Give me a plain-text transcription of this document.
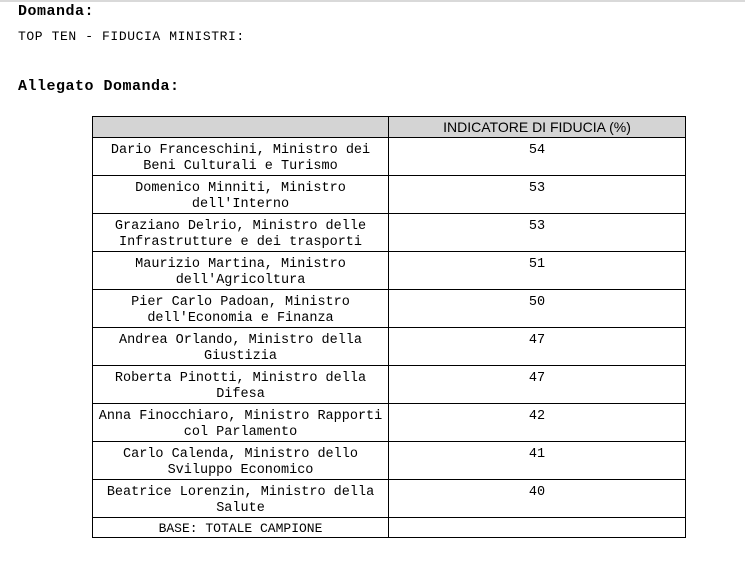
Domanda:
TOP TEN - FIDUCIA MINISTRI:
Allegato Domanda:
	INDICATORE DI FIDUCIA (%)
Dario Franceschini, Ministro dei Beni Culturali e Turismo	54
Domenico Minniti, Ministro dell'Interno	53
Graziano Delrio, Ministro delle Infrastrutture e dei trasporti	53
Maurizio Martina, Ministro dell'Agricoltura	51
Pier Carlo Padoan, Ministro dell'Economia e Finanza	50
Andrea Orlando, Ministro della Giustizia	47
Roberta Pinotti, Ministro della Difesa	47
Anna Finocchiaro, Ministro Rapporti col Parlamento	42
Carlo Calenda, Ministro dello Sviluppo Economico	41
Beatrice Lorenzin, Ministro della Salute	40
BASE: TOTALE CAMPIONE	
